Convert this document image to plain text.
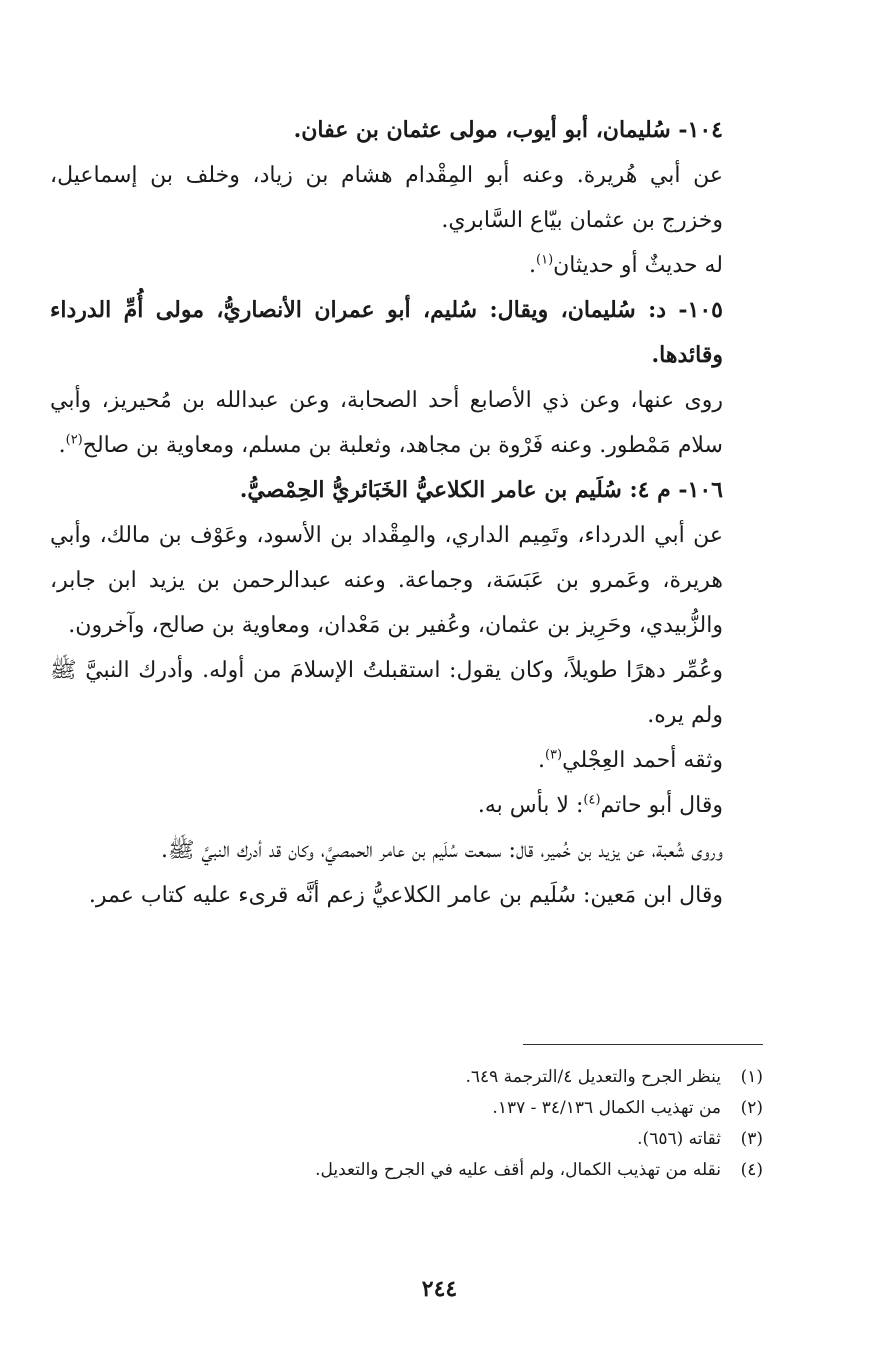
١٠٤- سُليمان، أبو أيوب، مولى عثمان بن عفان.

عن أبي هُريرة. وعنه أبو المِقْدام هشام بن زياد، وخلف بن إسماعيل، وخزرج بن عثمان بيّاع السَّابري.

له حديثٌ أو حديثان$^{(١)}$.

١٠٥- د: سُليمان، ويقال: سُليم، أبو عمران الأنصاريُّ، مولى أُمِّ الدرداء وقائدها.

روى عنها، وعن ذي الأصابع أحد الصحابة، وعن عبدالله بن مُحيريز، وأبي سلام مَمْطور. وعنه فَرْوة بن مجاهد، وثعلبة بن مسلم، ومعاوية بن صالح$^{(٢)}$.

١٠٦- م ٤: سُلَيم بن عامر الكلاعيُّ الخَبَائريُّ الحِمْصيُّ.

عن أبي الدرداء، وتَمِيم الداري، والمِقْداد بن الأسود، وعَوْف بن مالك، وأبي هريرة، وعَمرو بن عَبَسَة، وجماعة. وعنه عبدالرحمن بن يزيد ابن جابر، والزُّبيدي، وحَرِيز بن عثمان، وعُفير بن مَعْدان، ومعاوية بن صالح، وآخرون.

وعُمِّر دهرًا طويلاً، وكان يقول: استقبلتُ الإسلامَ من أوله. وأدرك النبيَّ ﷺ ولم يره.

وثقه أحمد العِجْلي$^{(٣)}$.

وقال أبو حاتم$^{(٤)}$: لا بأس به.

وروى شُعبة، عن يزيد بن خُمير، قال: سمعت سُلَيم بن عامر الحمصيَّ، وكان قد أدرك النبيَّ ﷺ.

وقال ابن مَعين: سُلَيم بن عامر الكلاعيُّ زعم أنَّه قرىء عليه كتاب عمر.

(١)ينظر الجرح والتعديل ٤/الترجمة ٦٤٩.

(٢)من تهذيب الكمال ٣٤/١٣٦ - ١٣٧.

(٣)ثقاته (٦٥٦).

(٤)نقله من تهذيب الكمال، ولم أقف عليه في الجرح والتعديل.

٢٤٤
